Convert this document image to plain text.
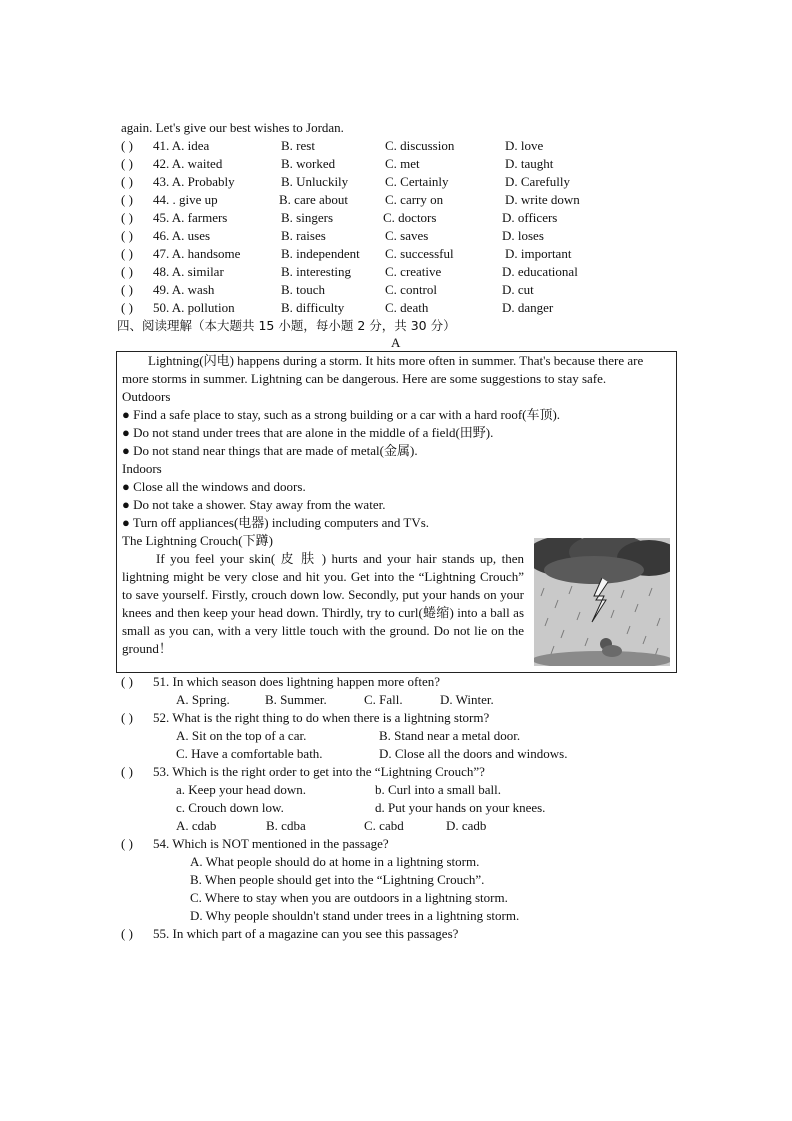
again. Let's give our best wishes to Jordan.
( ) 41. A. idea	B. rest	C. discussion	D. love
( ) 42. A. waited	B. worked	C. met	D. taught
( ) 43. A. Probably	B. Unluckily	C. Certainly	D. Carefully
( ) 44. . give up	B. care about	C. carry on	D. write down
( ) 45. A. farmers	B. singers	C. doctors	D. officers
( ) 46. A. uses	B. raises	C. saves	D. loses
( ) 47. A. handsome	B. independent C. successful	D. important
( ) 48. A. similar	B. interesting	C. creative	D. educational
( ) 49. A. wash	B. touch	C. control	D. cut
( ) 50. A. pollution	B. difficulty	C. death	D. danger
四、阅读理解（本大题共 15 小题，每小题 2 分，共 30 分）
A
Lightning(闪电) happens during a storm. It hits more often in summer. That's because there are
more storms in summer. Lightning can be dangerous. Here are some suggestions to stay safe.
Outdoors
● Find a safe place to stay, such as a strong building or a car with a hard roof(车顶).
● Do not stand under trees that are alone in the middle of a field(田野).
● Do not stand near things that are made of metal(金属).
Indoors
● Close all the windows and doors.
● Do not take a shower. Stay away from the water.
● Turn off appliances(电器) including computers and TVs.
The Lightning Crouch(下蹲)
If you feel your skin( 皮 肤 ) hurts and your hair stands up, then lightning might be very close and hit you. Get into the “Lightning Crouch” to save yourself. Firstly, crouch down low. Secondly, put your hands on your knees and then keep your head down. Thirdly, try to curl(蜷缩) into a ball as small as you can, with a very little touch with the ground. Do not lie on the ground！
( ) 51. In which season does lightning happen more often?
A. Spring.	B. Summer.	C. Fall.	D. Winter.
( ) 52. What is the right thing to do when there is a lightning storm?
A. Sit on the top of a car.	B. Stand near a metal door.
C. Have a comfortable bath.	D. Close all the doors and windows.
( ) 53. Which is the right order to get into the “Lightning Crouch”?
a. Keep your head down.	b. Curl into a small ball.
c. Crouch down low.	d. Put your hands on your knees.
A. cdab	B. cdba	C. cabd	D. cadb
( ) 54. Which is NOT mentioned in the passage?
A. What people should do at home in a lightning storm.
B. When people should get into the “Lightning Crouch”.
C. Where to stay when you are outdoors in a lightning storm.
D. Why people shouldn't stand under trees in a lightning storm.
( ) 55. In which part of a magazine can you see this passages?
